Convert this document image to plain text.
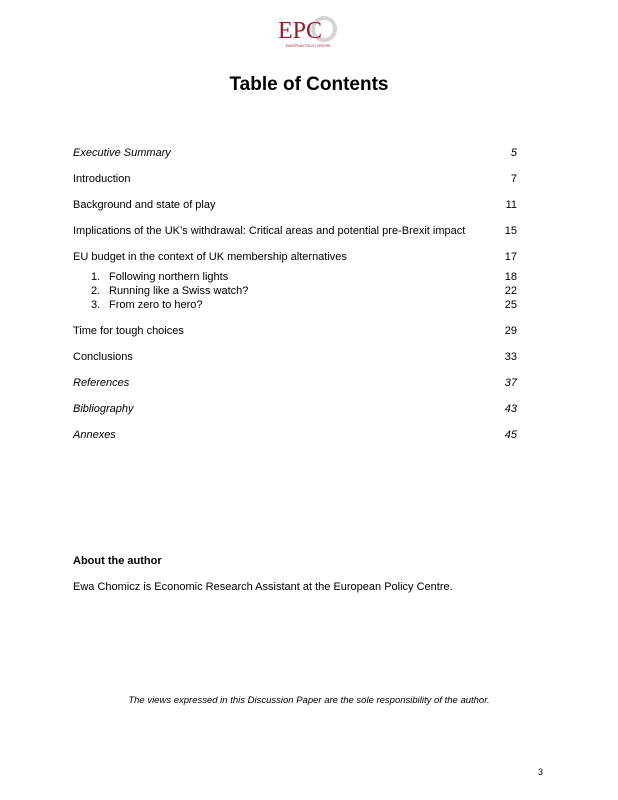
EPC
EUROPEAN POLICY CENTRE
Table of Contents
Executive Summary	5
Introduction	7
Background and state of play	11
Implications of the UK’s withdrawal: Critical areas and potential pre-Brexit impact	15
EU budget in the context of UK membership alternatives	17
1. Following northern lights	18
2. Running like a Swiss watch?	22
3. From zero to hero?	25
Time for tough choices	29
Conclusions	33
References	37
Bibliography	43
Annexes	45
About the author
Ewa Chomicz is Economic Research Assistant at the European Policy Centre.
The views expressed in this Discussion Paper are the sole responsibility of the author.
3
